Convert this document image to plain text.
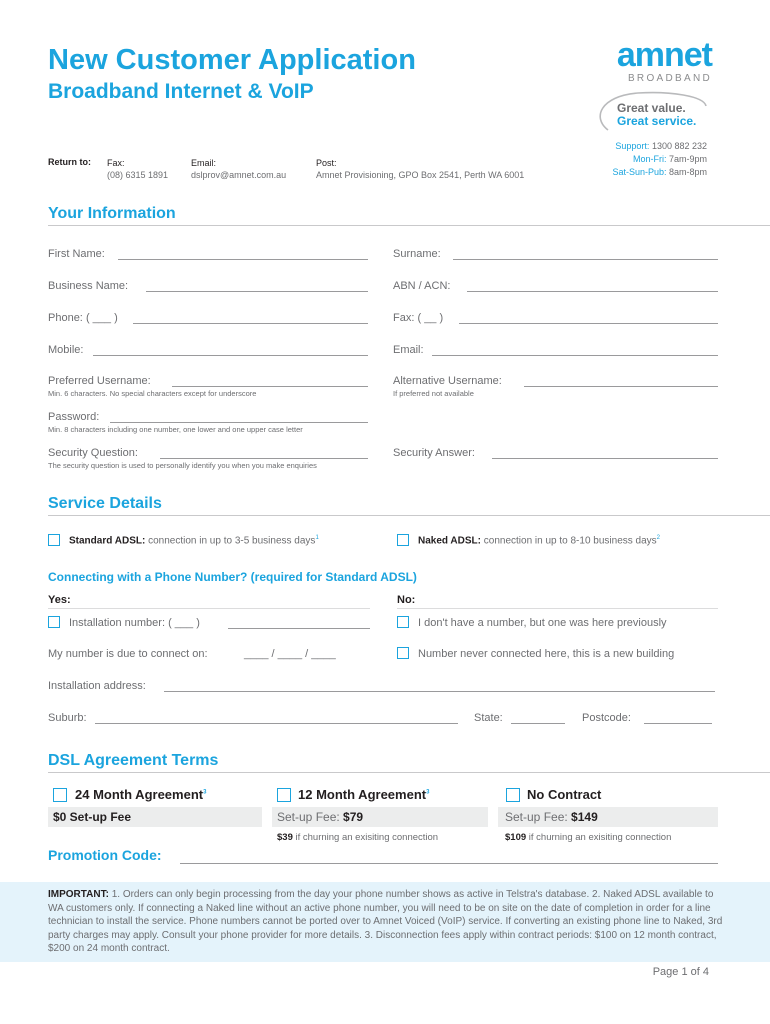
New Customer Application
Broadband Internet & VoIP
amnet
BROADBAND
Great value.
Great service.
Support: 1300 882 232
Mon-Fri: 7am-9pm
Sat-Sun-Pub: 8am-8pm
Return to: Fax:
(08) 6315 1891
Email:
dslprov@amnet.com.au
Post:
Amnet Provisioning, GPO Box 2541, Perth WA 6001
Your Information
First Name:	Surname:
Business Name:	ABN / ACN:
Phone: ( ___ )	Fax: ( __ )
Mobile:	Email:
Preferred Username:
Min. 6 characters. No special characters except for underscore
Alternative Username:
If preferred not available
Password:
Min. 8 characters including one number, one lower and one upper case letter
Security Question:
The security question is used to personally identify you when you make enquiries
Security Answer:
Service Details
Standard ADSL: connection in up to 3-5 business days$^1$	Naked ADSL: connection in up to 8-10 business days$^2$
Connecting with a Phone Number? (required for Standard ADSL)
Yes:	No:
Installation number: ( ___ )	I don't have a number, but one was here previously
My number is due to connect on:	____ / ____ / ____	Number never connected here, this is a new building
Installation address:
Suburb:	State:	Postcode:
DSL Agreement Terms
24 Month Agreement$^3$
$0 Set-up Fee
12 Month Agreement$^3$
Set-up Fee: $79
$39 if churning an exisiting connection
No Contract
Set-up Fee: $149
$109 if churning an exisiting connection
Promotion Code:
IMPORTANT: 1. Orders can only begin processing from the day your phone number shows as active in Telstra's database. 2. Naked ADSL available to WA customers only. If connecting a Naked line without an active phone number, you will need to be on site on the date of completion in order for a line technician to install the service. Phone numbers cannot be ported over to Amnet Voiced (VoIP) service. If converting an existing phone line to Naked, 3rd party charges may apply. Consult your phone provider for more details. 3. Disconnection fees apply within contract periods: $100 on 12 month contract, $200 on 24 month contract.
Page 1 of 4
